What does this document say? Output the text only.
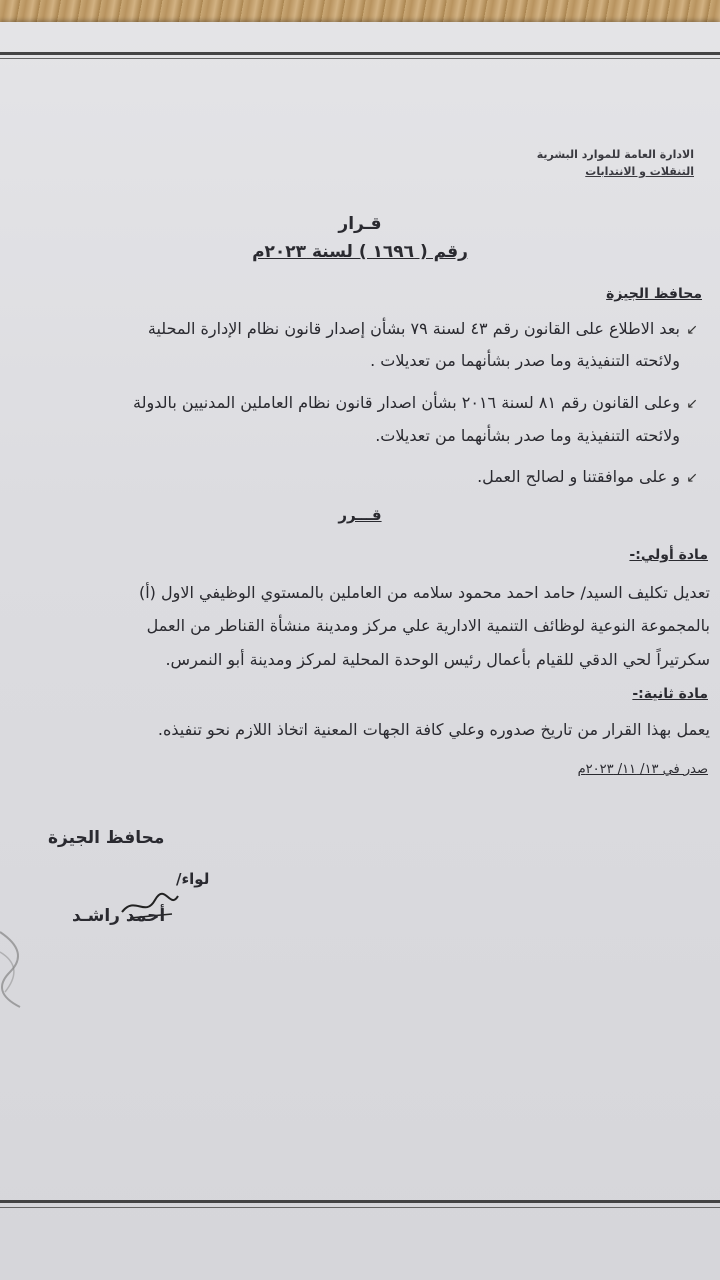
الادارة العامة للموارد البشرية
التنقلات و الانتدابات
قـرار
رقم ( ١٦٩٦ ) لسنة ٢٠٢٣م
محافظ الجيزة
↙
بعد الاطلاع على القانون رقم ٤٣ لسنة ٧٩ بشأن إصدار قانون نظام الإدارة المحلية
ولائحته التنفيذية وما صدر بشأنهما من تعديلات .
↙
وعلى القانون رقم ٨١ لسنة ٢٠١٦ بشأن اصدار قانون نظام العاملين المدنيين بالدولة
ولائحته التنفيذية وما صدر بشأنهما من تعديلات.
↙
و على موافقتنا و لصالح العمل.
قـــرر
مادة أولي:-
تعديل تكليف السيد/ حامد احمد محمود سلامه من العاملين بالمستوي الوظيفي الاول (أ)
بالمجموعة النوعية لوظائف التنمية الادارية علي مركز ومدينة منشأة القناطر من العمل
سكرتيراً لحي الدقي للقيام بأعمال رئيس الوحدة المحلية لمركز ومدينة أبو النمرس.
مادة ثانية:-
يعمل بهذا القرار من تاريخ صدوره وعلي كافة الجهات المعنية اتخاذ اللازم نحو تنفيذه.
صدر في ١٣/ ١١/ ٢٠٢٣م
محافظ الجيزة
لواء/
أحمد راشـد
